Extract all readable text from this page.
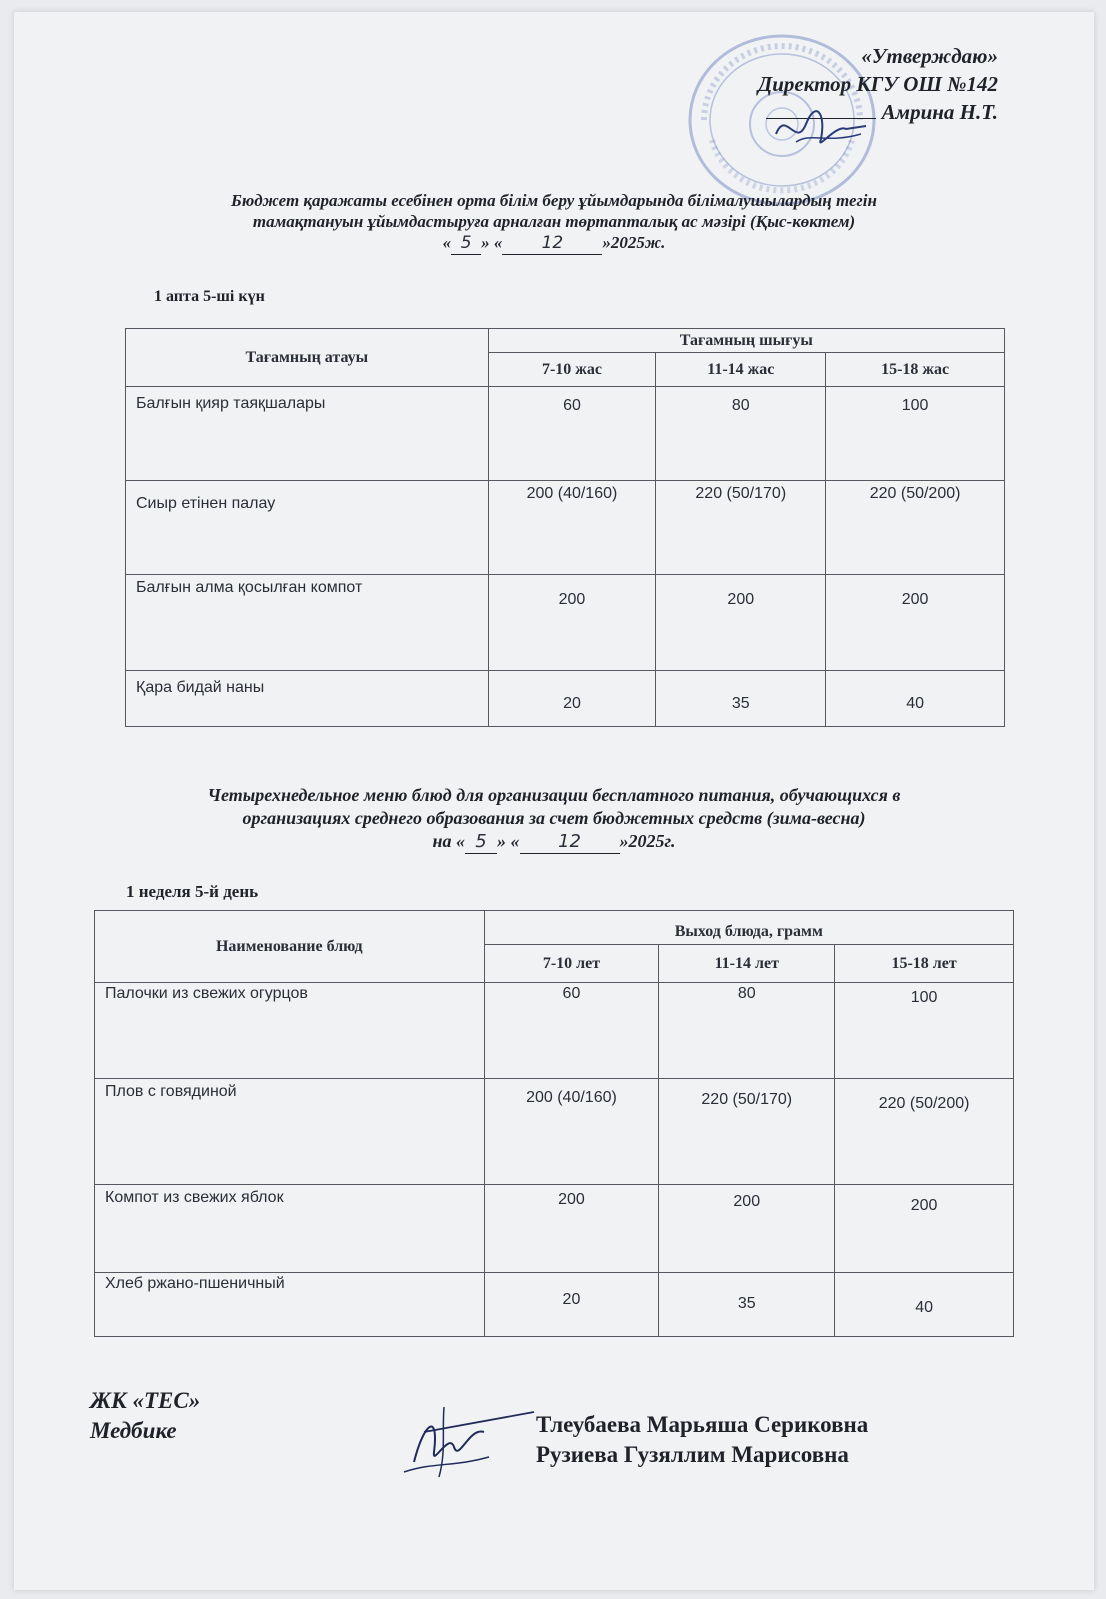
«Утверждаю»
Директор КГУ ОШ №142
Амрина Н.Т.
Бюджет қаражаты есебінен орта білім беру ұйымдарында білімалушылардың тегін
тамақтануын ұйымдастыруға арналған төртапталық ас мәзірі (Қыс-көктем)
« 5 » « 12 »2025ж.
1 апта 5-ші күн
Тағамның атауы	Тағамның шығуы		
	7-10 жас	11-14 жас	15-18 жас
Балғын қияр таяқшалары	60	80	100
Сиыр етінен палау	200 (40/160)	220 (50/170)	220 (50/200)
Балғын алма қосылған компот	200	200	200
Қара бидай наны	20	35	40
Четырехнедельное меню блюд для организации бесплатного питания, обучающихся в
организациях среднего образования за счет бюджетных средств (зима-весна)
на « 5 » « 12 »2025г.
1 неделя 5-й день
Наименование блюд	Выход блюда, грамм		
	7-10 лет	11-14 лет	15-18 лет
Палочки из свежих огурцов	60	80	100
Плов с говядиной	200 (40/160)	220 (50/170)	220 (50/200)
Компот из свежих яблок	200	200	200
Хлеб ржано-пшеничный	20	35	40
ЖК «ТЕС»
Медбике	Тлеубаева Марьяша Сериковна
Рузиева Гузяллим Марисовна
